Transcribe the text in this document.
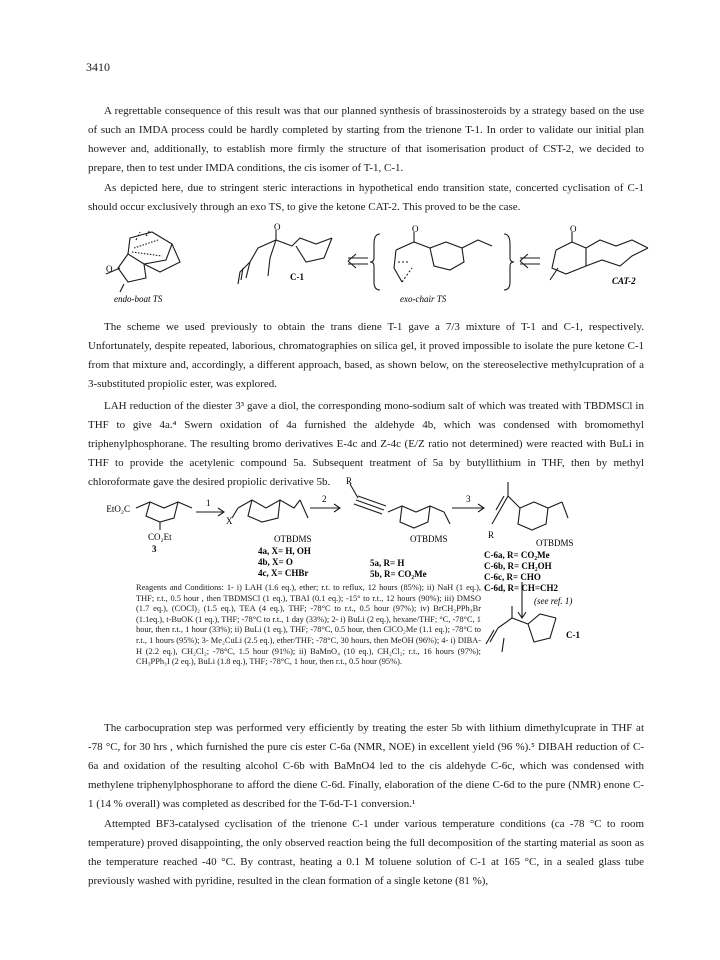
3410

A regrettable consequence of this result was that our planned synthesis of brassinosteroids by a strategy based on the use of such an IMDA process could be hardly completed by starting from the trienone T-1. In order to validate our initial plan however and, additionally, to establish more firmly the structure of that isomerisation product of CST-2, we decided to prepare, then to test under IMDA conditions, the cis isomer of T-1, C-1.

As depicted here, due to stringent steric interactions in hypothetical endo transition state, concerted cyclisation of C-1 should occur exclusively through an exo TS, to give the ketone CAT-2. This proved to be the case.

O
O	O	O
endo-boat TS
C-1
exo-chair TS
CAT-2

The scheme we used previously to obtain the trans diene T-1 gave a 7/3 mixture of T-1 and C-1, respectively. Unfortunately, despite repeated, laborious, chromatographies on silica gel, it proved impossible to isolate the pure ketone C-1 from that mixture and, accordingly, a different approach, based, as shown below, on the stereoselective methylcupration of a 3-substituted propiolic ester, was explored.

LAH reduction of the diester 3³ gave a diol, the corresponding mono-sodium salt of which was treated with TBDMSCl in THF to give 4a.⁴ Swern oxidation of 4a furnished the aldehyde 4b, which was condensed with bromomethyl triphenylphosphorane. The resulting bromo derivatives E-4c and Z-4c (E/Z ratio not determined) were reacted with BuLi in THF to provide the acetylenic compound 5a. Subsequent treatment of 5a by butyllithium in THF, then by methyl chloroformate gave the desired propiolic derivative 5b.

EtO₂C
CO₂Et
3
1
X
2
R
3
OTBDMS
4a, X= H, OH
4b, X= O
4c, X= CHBr
OTBDMS
5a, R= H
5b, R= CO₂Me
R
OTBDMS
C-6a, R= CO₂Me
C-6b, R= CH₂OH
C-6c, R= CHO
C-6d, R= CH=CH2
(see ref. 1)
C-1

Reagents and Conditions: 1- i) LAH (1.6 eq.), ether; r.t. to reflux, 12 hours (85%); ii) NaH (1 eq.), THF; r.t., 0.5 hour , then TBDMSCl (1 eq.), TBAI (0.1 eq.); -15° to r.t., 12 hours (90%); iii) DMSO (1.7 eq.), (COCl)₂ (1.5 eq.), TEA (4 eq.), THF; -78°C to r.t., 0.5 hour (97%); iv) BrCH₂PPh₃Br (1.1eq.), t-BuOK (1 eq.), THF; -78°C to r.t., 1 day (33%); 2- i) BuLi (2 eq.), hexane/THF; °C, -78°C, 1 hour, then r.t., 1 hour (33%); ii) BuLi (1 eq.), THF; -78°C, 0.5 hour, then ClCO₂Me (1.1 eq.); -78°C to r.t., 1 hours (95%); 3- Me₂CuLi (2.5 eq.), ether/THF; -78°C, 30 hours, then MeOH (96%); 4- i) DIBA-H (2.2 eq.), CH₂Cl₂; -78°C, 1.5 hour (91%); ii) BaMnO₄ (10 eq.), CH₂Cl₂; r.t., 16 hours (97%); CH₃PPh₃I (2 eq.), BuLi (1.8 eq.), THF; -78°C, 1 hour, then r.t., 0.5 hour (95%).

The carbocupration step was performed very efficiently by treating the ester 5b with lithium dimethylcuprate in THF at -78 °C, for 30 hrs , which furnished the pure cis ester C-6a (NMR, NOE) in excellent yield (96 %).⁵ DIBAH reduction of C-6a and oxidation of the resulting alcohol C-6b with BaMnO4 led to the cis aldehyde C-6c, which was condensed with methylene triphenylphosphorane to afford the diene C-6d. Finally, elaboration of the diene C-6d to the pure (NMR) enone C-1 (14 % overall) was completed as described for the T-6d-T-1 conversion.¹

Attempted BF3-catalysed cyclisation of the trienone C-1 under various temperature conditions (ca -78 °C to room temperature) proved disappointing, the only observed reaction being the full decomposition of the starting material as soon as the temperature reached -40 °C. By contrast, heating a 0.1 M toluene solution of C-1 at 165 °C, in a sealed glass tube previously washed with pyridine, resulted in the clean formation of a single ketone (81 %),
